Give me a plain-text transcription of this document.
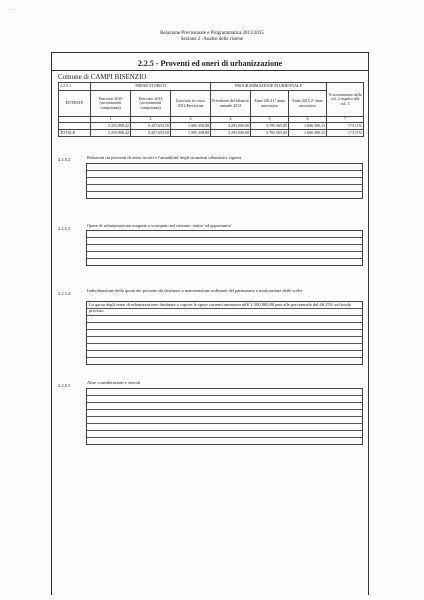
· · ·
·
Relazione Previsionale e Programmatica 2013/2015
Sezione 2 -Analisi delle risorse
2.2.5 - Proventi ed oneri di urbanizzazione
Comune di CAMPI BISENZIO
2.2.5.1	TREND STORICO			PROGRAMMAZIONE PLURIENNALE			% scostamento della col. 4 rispetto alla col. 3
ENTRATE	Esercizio 2010 (accertamenti competenza)	Esercizio 2011 (accertamenti competenza)	Esercizio in corso 2012 Previsione	Previsione del bilancio annuale 2013	Anno 2014 1° anno successivo	Anno 2015 2° anno successivo	
	1	2	3	4	5	6	7
	5.255.808,42	5.457.653,50	1.985.358,88	3.293.000,00	3.785.565,00	1.696.390,15	173.11%
TOTALE	5.255.808,42	5.457.653,50	1.985.358,88	3.293.000,00	3.785.565,00	1.696.390,15	173.11%
2.2.5.2	Relazioni tra proventi di oneri iscritti e l'attuabilità' degli strumenti urbanistici vigenti
2.2.5.3
Opere di urbanizzazione eseguite a scomputo nel triennio: entita' ed opportunita'
2.2.5.4
Individuazione della quota dei proventi da destinare a manutenzione ordinaria del patrimonio e motivazione delle scelte
La quota degli oneri di urbanizzazione destinata a coprire le spese correnti ammonta ad € 1.500.000,00 pari alle percentuale del 46,15% sul totale previsto
2.2.5.5
Altre considerazioni e vincoli
